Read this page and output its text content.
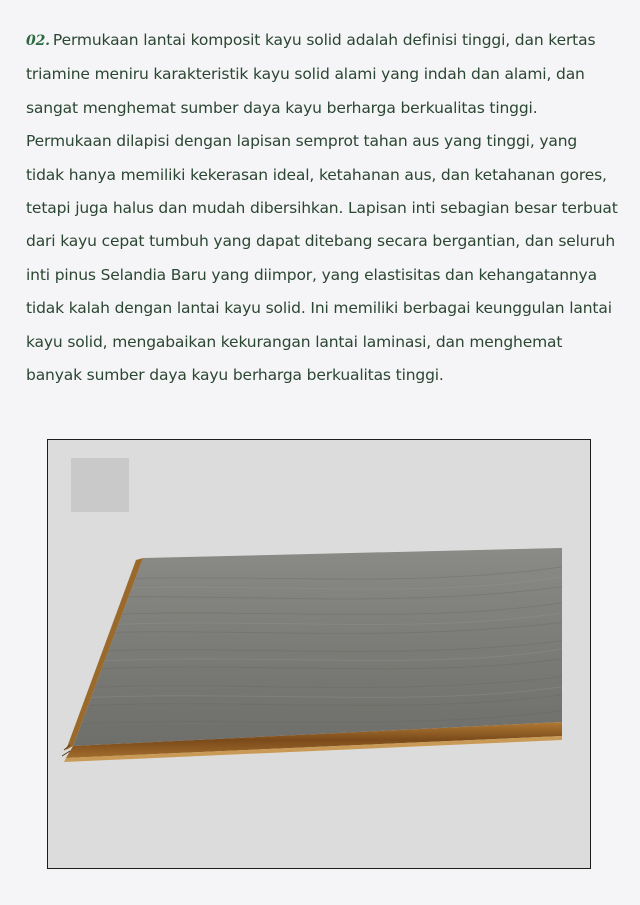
02. Permukaan lantai komposit kayu solid adalah definisi tinggi, dan kertas triamine meniru karakteristik kayu solid alami yang indah dan alami, dan sangat menghemat sumber daya kayu berharga berkualitas tinggi. Permukaan dilapisi dengan lapisan semprot tahan aus yang tinggi, yang tidak hanya memiliki kekerasan ideal, ketahanan aus, dan ketahanan gores, tetapi juga halus dan mudah dibersihkan. Lapisan inti sebagian besar terbuat dari kayu cepat tumbuh yang dapat ditebang secara bergantian, dan seluruh inti pinus Selandia Baru yang diimpor, yang elastisitas dan kehangatannya tidak kalah dengan lantai kayu solid. Ini memiliki berbagai keunggulan lantai kayu solid, mengabaikan kekurangan lantai laminasi, dan menghemat banyak sumber daya kayu berharga berkualitas tinggi.
